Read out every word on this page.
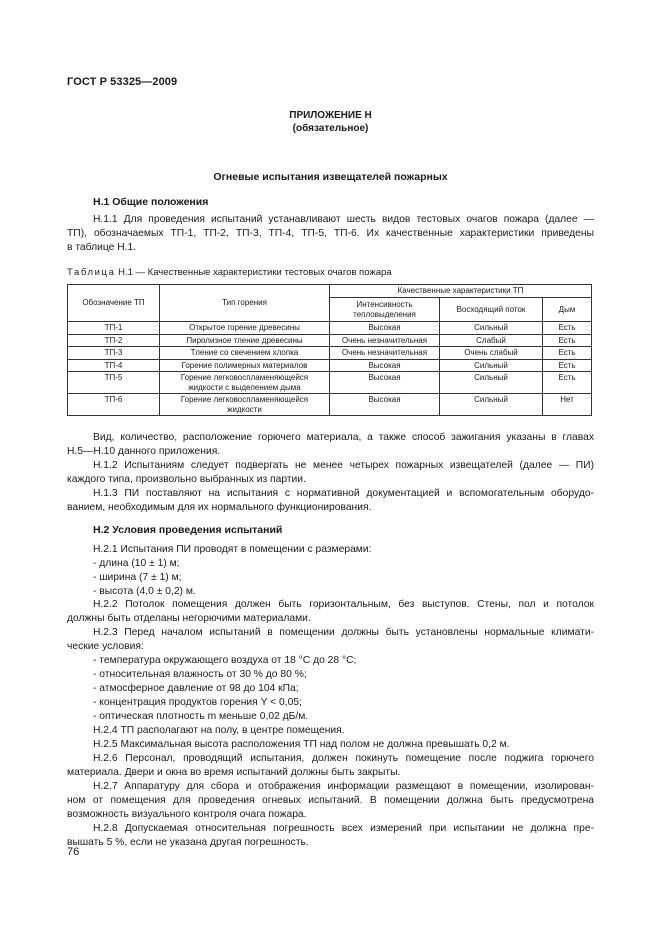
ГОСТ Р 53325—2009
ПРИЛОЖЕНИЕ Н
(обязательное)
Огневые испытания извещателей пожарных
Н.1 Общие положения
Н.1.1 Для проведения испытаний устанавливают шесть видов тестовых очагов пожара (далее —
ТП), обозначаемых ТП-1, ТП-2, ТП-3, ТП-4, ТП-5, ТП-6. Их качественные характеристики приведены
в таблице Н.1.
Таблица Н.1 — Качественные характеристики тестовых очагов пожара
Обозначение ТП	Тип горения	Качественные характеристики ТП		
		Интенсивность тепловыделения	Восходящий поток	Дым
ТП-1	Открытое горение древесины	Высокая	Сильный	Есть
ТП-2	Пиролизное тление древесины	Очень незначительная	Слабый	Есть
ТП-3	Тление со свечением хлопка	Очень незначительная	Очень слабый	Есть
ТП-4	Горение полимерных материалов	Высокая	Сильный	Есть
ТП-5	Горение легковоспламеняющейся жидкости с выделением дыма	Высокая	Сильный	Есть
ТП-6	Горение легковоспламеняющейся жидкости	Высокая	Сильный	Нет
Вид, количество, расположение горючего материала, а также способ зажигания указаны в главах
Н.5—Н.10 данного приложения.
Н.1.2 Испытаниям следует подвергать не менее четырех пожарных извещателей (далее — ПИ)
каждого типа, произвольно выбранных из партии.
Н.1.3 ПИ поставляют на испытания с нормативной документацией и вспомогательным оборудо-
ванием, необходимым для их нормального функционирования.
Н.2 Условия проведения испытаний
Н.2.1 Испытания ПИ проводят в помещении с размерами:
- длина (10 ± 1) м;
- ширина (7 ± 1) м;
- высота (4,0 ± 0,2) м.
Н.2.2 Потолок помещения должен быть горизонтальным, без выступов. Стены, пол и потолок
должны быть отделаны негорючими материалами.
Н.2.3 Перед началом испытаний в помещении должны быть установлены нормальные климати-
ческие условия:
- температура окружающего воздуха от 18 °С до 28 °С;
- относительная влажность от 30 % до 80 %;
- атмосферное давление от 98 до 104 кПа;
- концентрация продуктов горения Y < 0,05;
- оптическая плотность m меньше 0,02 дБ/м.
Н.2.4 ТП располагают на полу, в центре помещения.
Н.2.5 Максимальная высота расположения ТП над полом не должна превышать 0,2 м.
Н.2.6 Персонал, проводящий испытания, должен покинуть помещение после поджига горючего
материала. Двери и окна во время испытаний должны быть закрыты.
Н.2.7 Аппаратуру для сбора и отображения информации размещают в помещении, изолирован-
ном от помещения для проведения огневых испытаний. В помещении должна быть предусмотрена
возможность визуального контроля очага пожара.
Н.2.8 Допускаемая относительная погрешность всех измерений при испытании не должна пре-
вышать 5 %, если не указана другая погрешность.
76
